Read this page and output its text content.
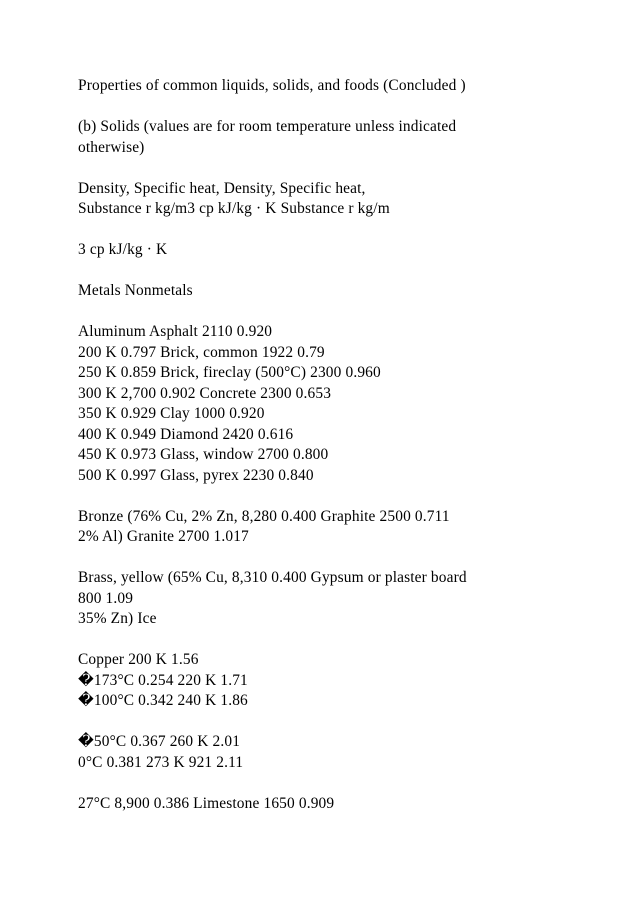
Properties of common liquids, solids, and foods (Concluded )
(b) Solids (values are for room temperature unless indicated
otherwise)
Density, Specific heat, Density, Specific heat,
Substance r kg/m3 cp kJ/kg · K Substance r kg/m
3 cp kJ/kg · K
Metals Nonmetals
Aluminum Asphalt 2110 0.920
200 K 0.797 Brick, common 1922 0.79
250 K 0.859 Brick, fireclay (500°C) 2300 0.960
300 K 2,700 0.902 Concrete 2300 0.653
350 K 0.929 Clay 1000 0.920
400 K 0.949 Diamond 2420 0.616
450 K 0.973 Glass, window 2700 0.800
500 K 0.997 Glass, pyrex 2230 0.840
Bronze (76% Cu, 2% Zn, 8,280 0.400 Graphite 2500 0.711
2% Al) Granite 2700 1.017
Brass, yellow (65% Cu, 8,310 0.400 Gypsum or plaster board
800 1.09
35% Zn) Ice
Copper 200 K 1.56
�173°C 0.254 220 K 1.71
�100°C 0.342 240 K 1.86
�50°C 0.367 260 K 2.01
0°C 0.381 273 K 921 2.11
27°C 8,900 0.386 Limestone 1650 0.909
